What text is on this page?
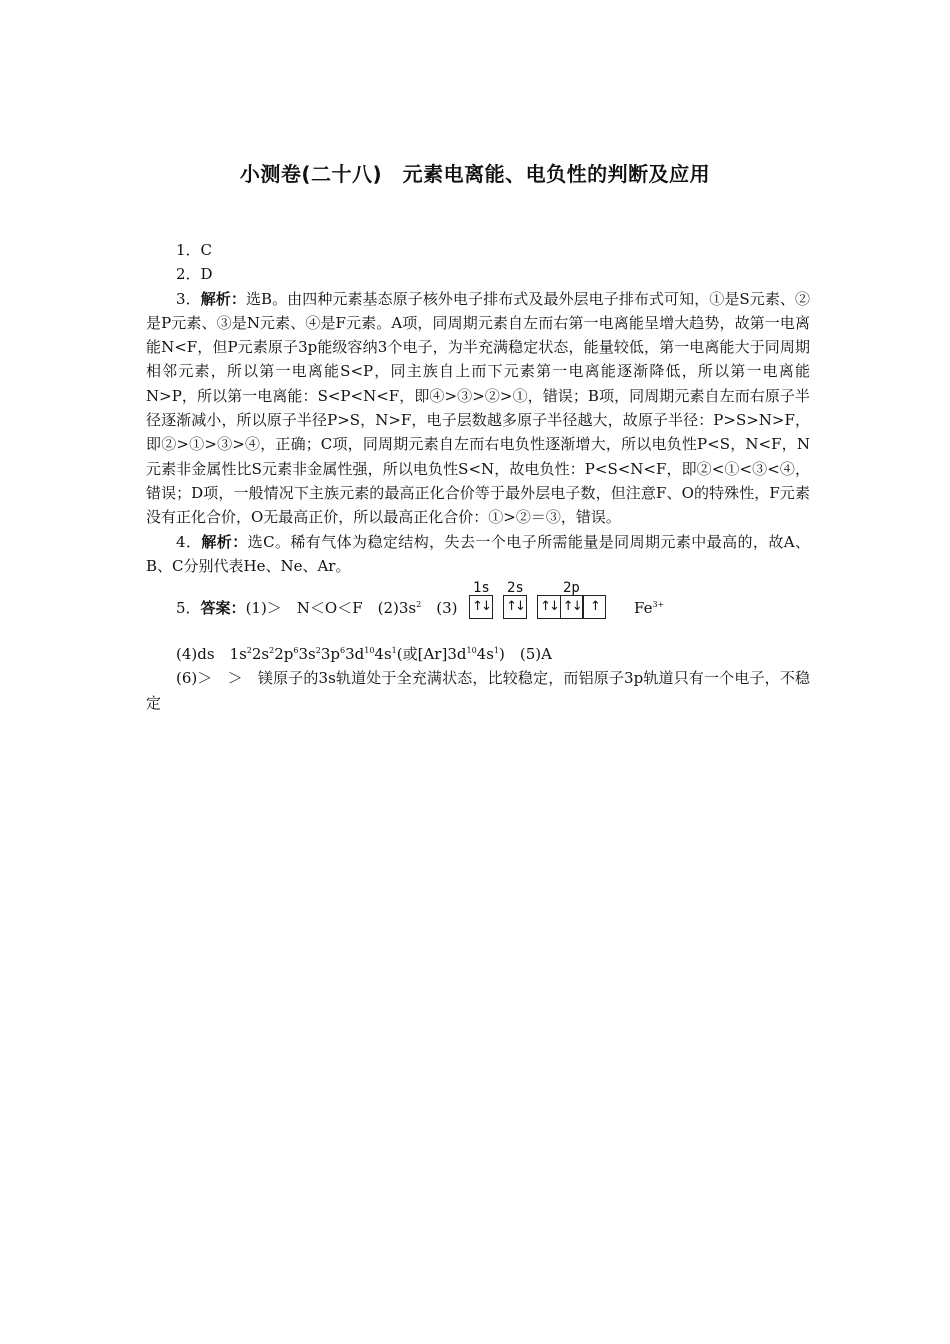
小测卷(二十八)　元素电离能、电负性的判断及应用

1．C

2．D

3．解析：选B。由四种元素基态原子核外电子排布式及最外层电子排布式可知，①是S元素、②是P元素、③是N元素、④是F元素。A项，同周期元素自左而右第一电离能呈增大趋势，故第一电离能N<F，但P元素原子3p能级容纳3个电子，为半充满稳定状态，能量较低，第一电离能大于同周期相邻元素，所以第一电离能S<P，同主族自上而下元素第一电离能逐渐降低，所以第一电离能N>P，所以第一电离能：S<P<N<F，即④>③>②>①，错误；B项，同周期元素自左而右原子半径逐渐减小，所以原子半径P>S，N>F，电子层数越多原子半径越大，故原子半径：P>S>N>F，即②>①>③>④，正确；C项，同周期元素自左而右电负性逐渐增大，所以电负性P<S，N<F，N元素非金属性比S元素非金属性强，所以电负性S<N，故电负性：P<S<N<F，即②<①<③<④，错误；D项，一般情况下主族元素的最高正化合价等于最外层电子数，但注意F、O的特殊性，F元素没有正化合价，O无最高正价，所以最高正化合价：①>②＝③，错误。

4．解析：选C。稀有气体为稳定结构，失去一个电子所需能量是同周期元素中最高的，故A、B、C分别代表He、Ne、Ar。

5．答案：(1)＞　N＜O＜F　$(2)3s^2$　(3)
1s
↑↓
2s
↑↓
2p
↑↓ ↑↓ ↑	$Fe^{3+}$

(4)ds　$1s^22s^22p^63s^23p^63d^{10}4s^1$(或$[Ar]3d^{10}4s^1$)　(5)A

(6)＞　＞　镁原子的3s轨道处于全充满状态，比较稳定，而铝原子3p轨道只有一个电子，不稳定
